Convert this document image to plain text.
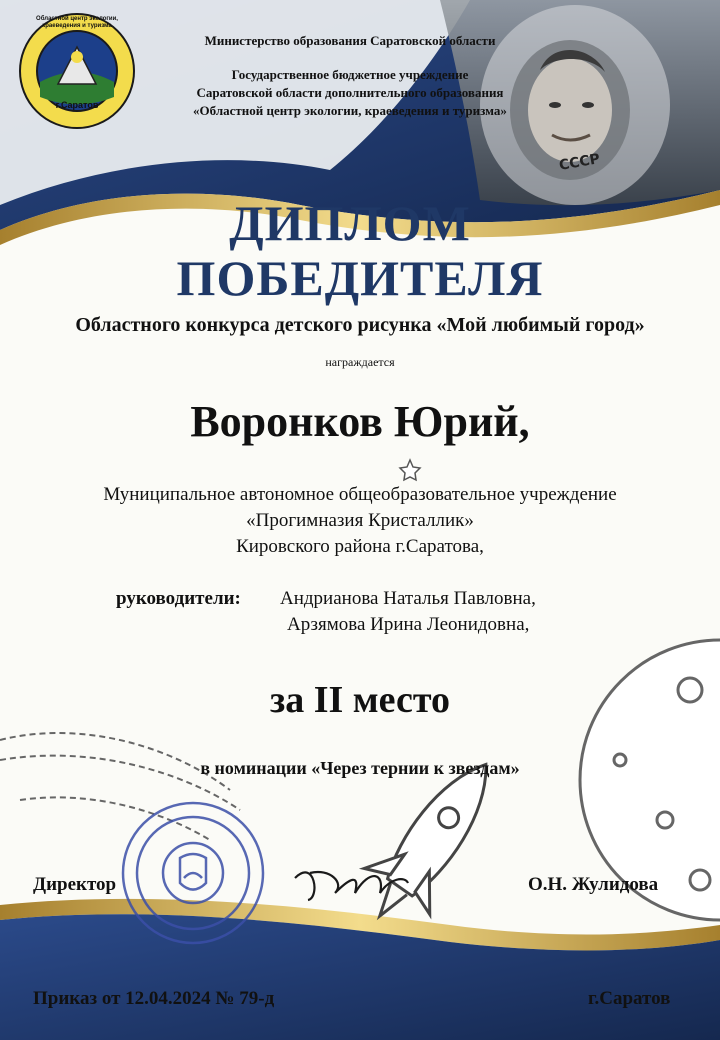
CCCP
г.Саратов
Областной центр экологии, краеведения и туризма
Министерство образования Саратовской области
Государственное бюджетное учреждение
Саратовской области дополнительного образования
«Областной центр экологии, краеведения и туризма»
ДИПЛОМ
ПОБЕДИТЕЛЯ
Областного конкурса детского рисунка «Мой любимый город»
награждается
Воронков Юрий,
Муниципальное автономное общеобразовательное учреждение
«Прогимназия Кристаллик»
Кировского района г.Саратова,
руководители: Андрианова Наталья Павловна,
Арзямова Ирина Леонидовна,
за II место
в номинации «Через тернии к звездам»
Директор	О.Н. Жулидова
Приказ от 12.04.2024 № 79-д	г.Саратов
